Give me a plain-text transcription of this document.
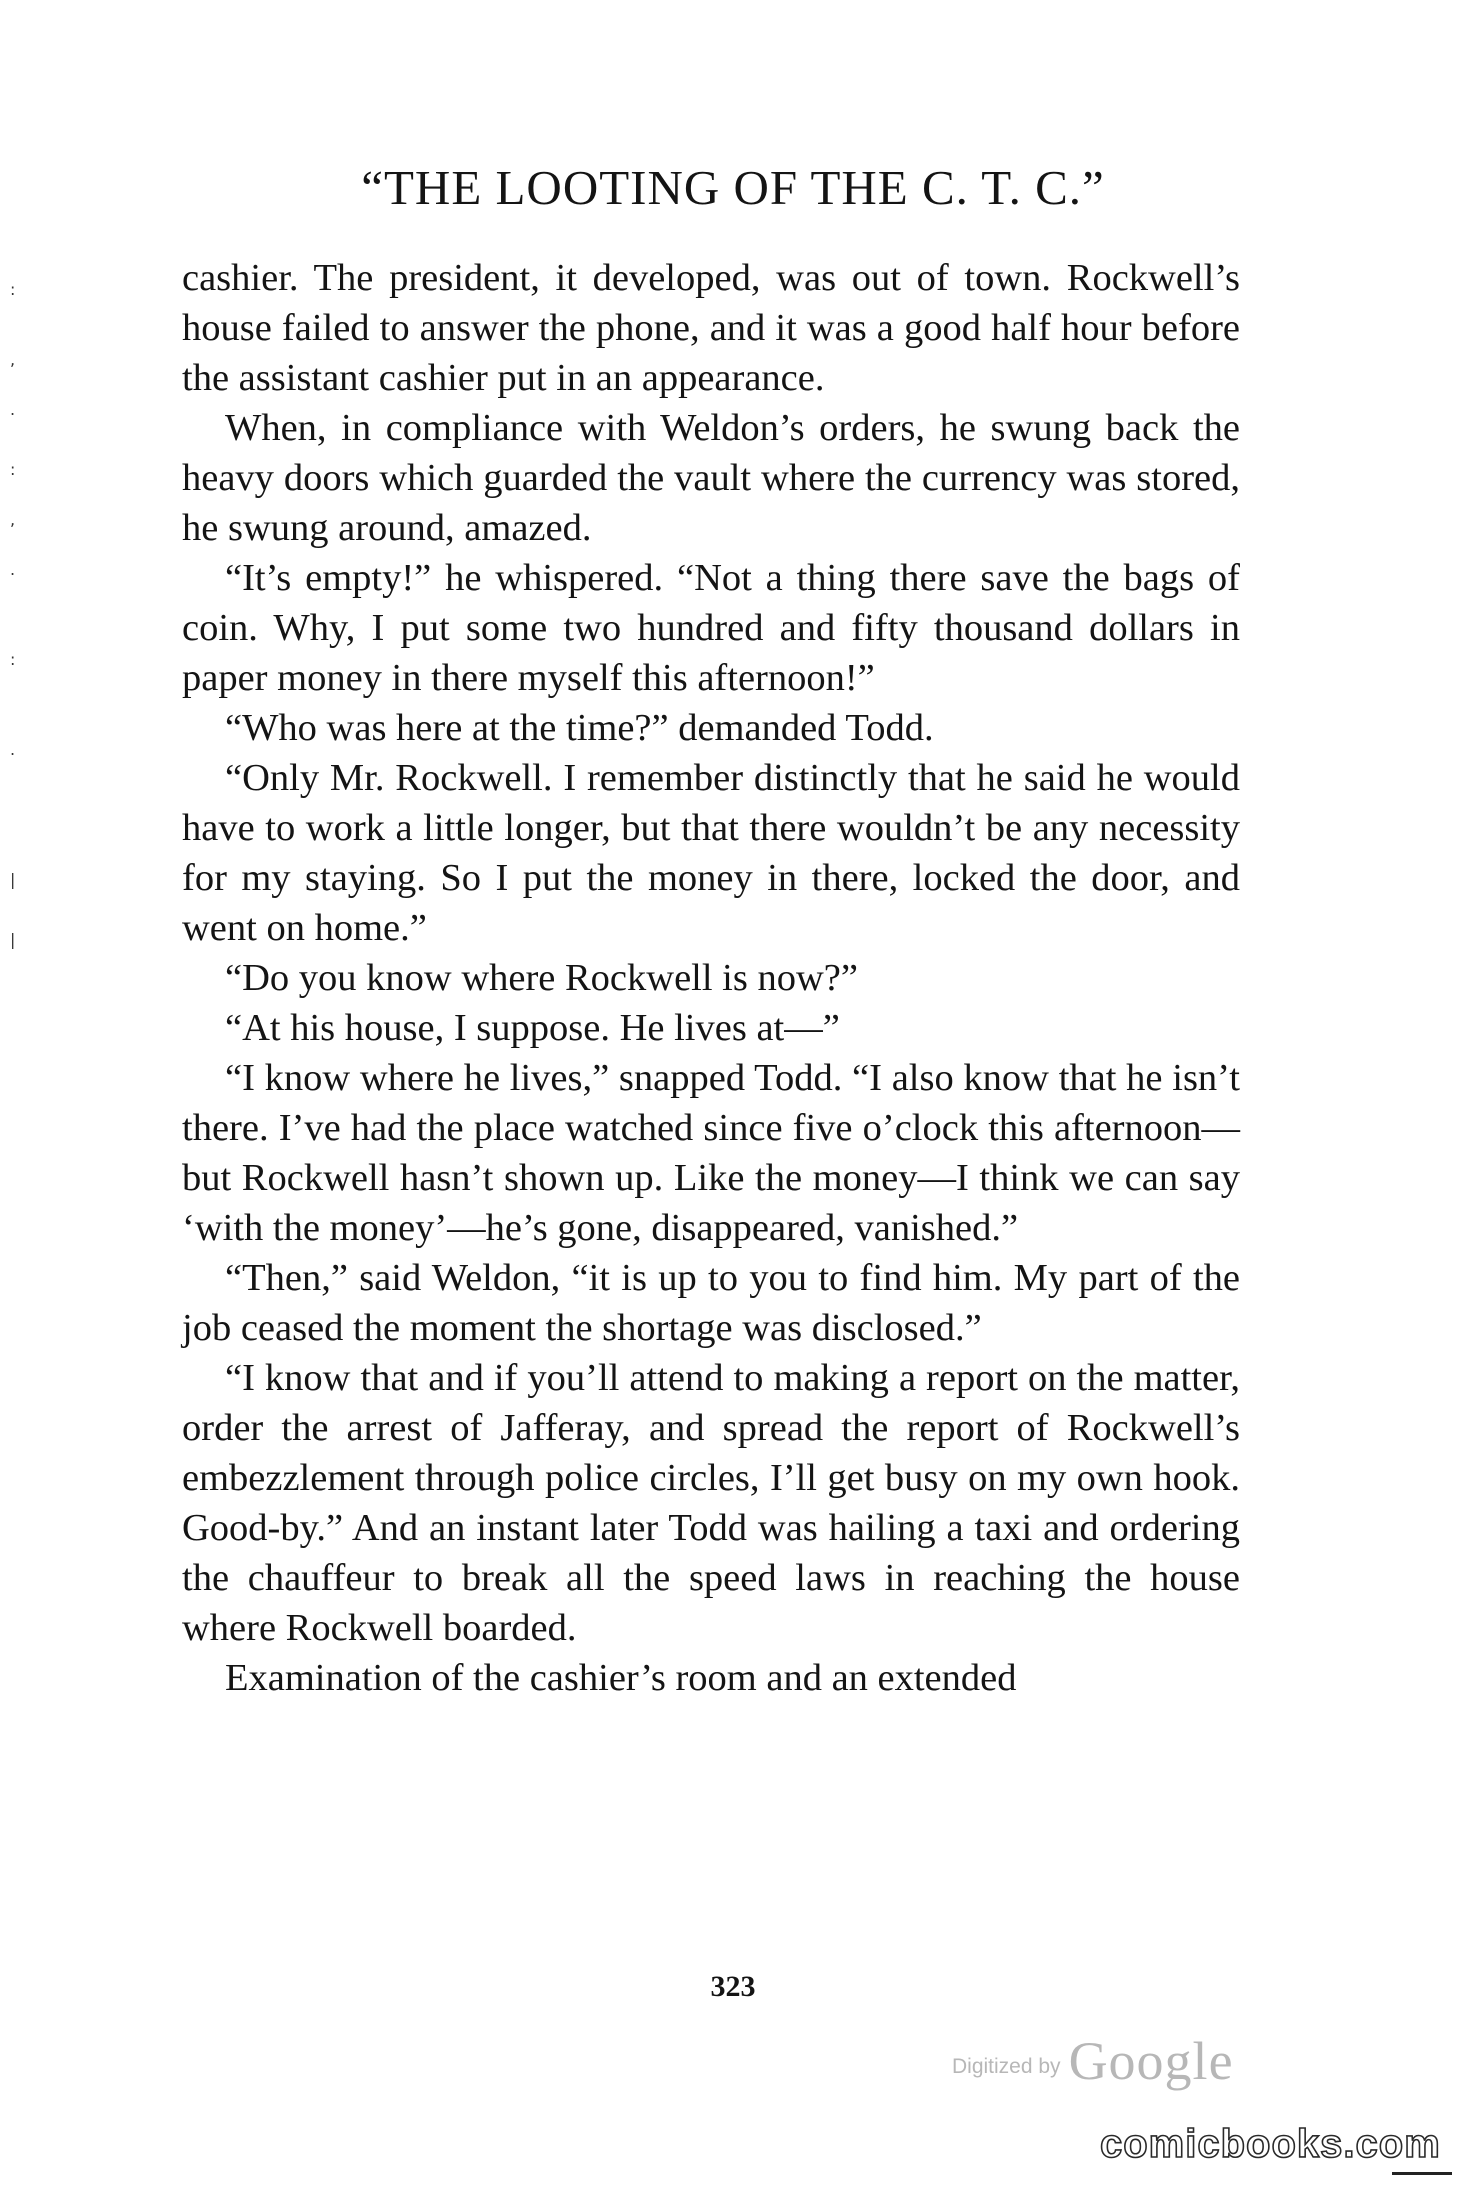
:
,
.
:
,
.
:
.
|
|
“THE LOOTING OF THE C. T. C.”

cashier. The president, it developed, was out of town. Rockwell’s house failed to answer the phone, and it was a good half hour before the assistant cashier put in an appearance.

When, in compliance with Weldon’s orders, he swung back the heavy doors which guarded the vault where the currency was stored, he swung around, amazed.

“It’s empty!” he whispered. “Not a thing there save the bags of coin. Why, I put some two hundred and fifty thousand dollars in paper money in there myself this afternoon!”

“Who was here at the time?” demanded Todd.

“Only Mr. Rockwell. I remember distinctly that he said he would have to work a little longer, but that there wouldn’t be any necessity for my staying. So I put the money in there, locked the door, and went on home.”

“Do you know where Rockwell is now?”

“At his house, I suppose. He lives at—”

“I know where he lives,” snapped Todd. “I also know that he isn’t there. I’ve had the place watched since five o’clock this afternoon—but Rockwell hasn’t shown up. Like the money—I think we can say ‘with the money’—he’s gone, disappeared, vanished.”

“Then,” said Weldon, “it is up to you to find him. My part of the job ceased the moment the shortage was disclosed.”

“I know that and if you’ll attend to making a report on the matter, order the arrest of Jafferay, and spread the report of Rockwell’s embezzlement through police circles, I’ll get busy on my own hook. Good-by.” And an instant later Todd was hailing a taxi and ordering the chauffeur to break all the speed laws in reaching the house where Rockwell boarded.

Examination of the cashier’s room and an extended

323
Digitized by Google
comicbooks.com
